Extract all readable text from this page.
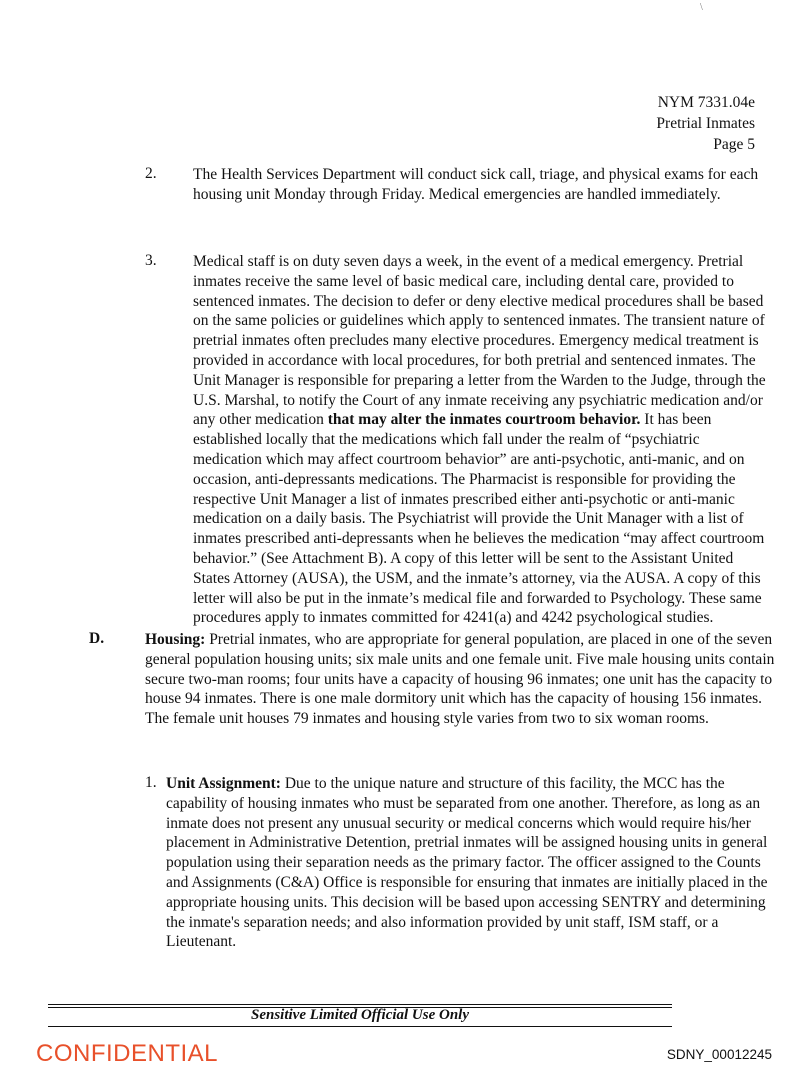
\
NYM 7331.04e
Pretrial Inmates
Page 5
2. The Health Services Department will conduct sick call, triage, and physical exams for each housing unit Monday through Friday. Medical emergencies are handled immediately.
3. Medical staff is on duty seven days a week, in the event of a medical emergency. Pretrial inmates receive the same level of basic medical care, including dental care, provided to sentenced inmates. The decision to defer or deny elective medical procedures shall be based on the same policies or guidelines which apply to sentenced inmates. The transient nature of pretrial inmates often precludes many elective procedures. Emergency medical treatment is provided in accordance with local procedures, for both pretrial and sentenced inmates. The Unit Manager is responsible for preparing a letter from the Warden to the Judge, through the U.S. Marshal, to notify the Court of any inmate receiving any psychiatric medication and/or any other medication that may alter the inmates courtroom behavior. It has been established locally that the medications which fall under the realm of “psychiatric medication which may affect courtroom behavior” are anti-psychotic, anti-manic, and on occasion, anti-depressants medications. The Pharmacist is responsible for providing the respective Unit Manager a list of inmates prescribed either anti-psychotic or anti-manic medication on a daily basis. The Psychiatrist will provide the Unit Manager with a list of inmates prescribed anti-depressants when he believes the medication “may affect courtroom behavior.” (See Attachment B). A copy of this letter will be sent to the Assistant United States Attorney (AUSA), the USM, and the inmate’s attorney, via the AUSA. A copy of this letter will also be put in the inmate’s medical file and forwarded to Psychology. These same procedures apply to inmates committed for 4241(a) and 4242 psychological studies.
D.	Housing: Pretrial inmates, who are appropriate for general population, are placed in one of the seven general population housing units; six male units and one female unit. Five male housing units contain secure two-man rooms; four units have a capacity of housing 96 inmates; one unit has the capacity to house 94 inmates. There is one male dormitory unit which has the capacity of housing 156 inmates. The female unit houses 79 inmates and housing style varies from two to six woman rooms.
1. Unit Assignment: Due to the unique nature and structure of this facility, the MCC has the capability of housing inmates who must be separated from one another. Therefore, as long as an inmate does not present any unusual security or medical concerns which would require his/her placement in Administrative Detention, pretrial inmates will be assigned housing units in general population using their separation needs as the primary factor. The officer assigned to the Counts and Assignments (C&A) Office is responsible for ensuring that inmates are initially placed in the appropriate housing units. This decision will be based upon accessing SENTRY and determining the inmate's separation needs; and also information provided by unit staff, ISM staff, or a Lieutenant.
Sensitive Limited Official Use Only
CONFIDENTIAL	SDNY_00012245
